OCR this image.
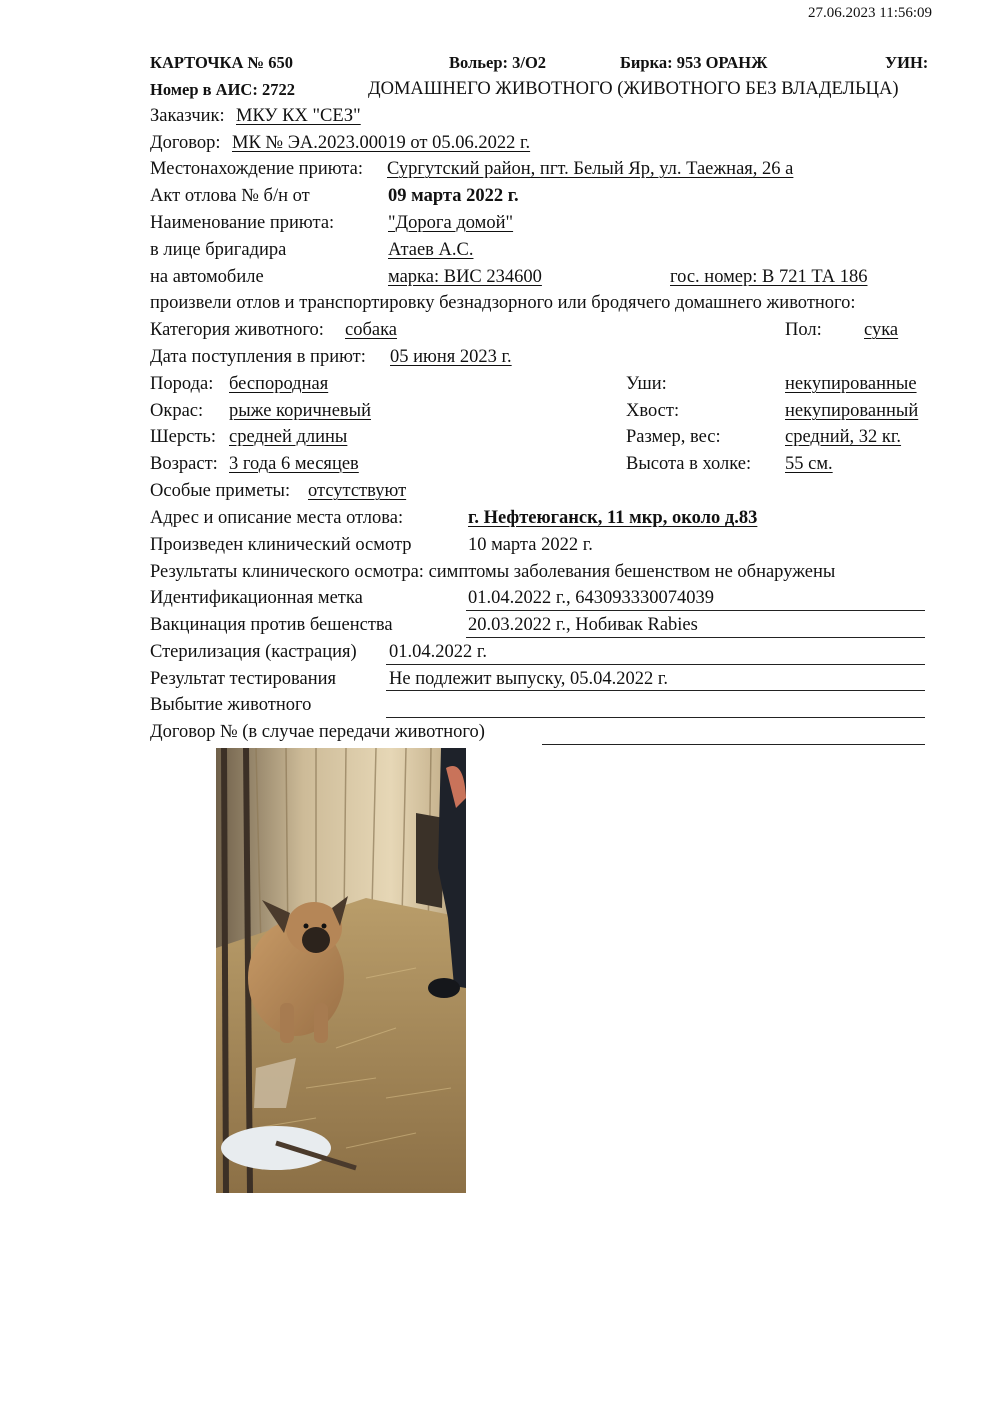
27.06.2023 11:56:09
КАРТОЧКА № 650	Вольер: 3/О2	Бирка: 953 ОРАНЖ	УИН:
Номер в АИС: 2722	ДОМАШНЕГО ЖИВОТНОГО (ЖИВОТНОГО БЕЗ ВЛАДЕЛЬЦА)
Заказчик: МКУ КХ "СЕЗ"
Договор: МК № ЭА.2023.00019 от 05.06.2022 г.
Местонахождение приюта: Сургутский район, пгт. Белый Яр, ул. Таежная, 26 а
Акт отлова № б/н от	09 марта 2022 г.
Наименование приюта:	"Дорога домой"
в лице бригадира	Атаев А.С.
на автомобиле	марка: ВИС 234600	гос. номер: В 721 ТА 186
произвели отлов и транспортировку безнадзорного или бродячего домашнего животного:
Категория животного: собака	Пол: сука
Дата поступления в приют: 05 июня 2023 г.
Порода: беспородная	Уши:	некупированные
Окрас: рыже коричневый	Хвост:	некупированный
Шерсть: средней длины	Размер, вес:	средний, 32 кг.
Возраст: 3 года 6 месяцев	Высота в холке: 55 см.
Особые приметы: отсутствуют
Адрес и описание места отлова:	г. Нефтеюганск, 11 мкр, около д.83
Произведен клинический осмотр	10 марта 2022 г.
Результаты клинического осмотра: симптомы заболевания бешенством не обнаружены
Идентификационная метка	01.04.2022 г., 643093330074039
Вакцинация против бешенства	20.03.2022 г., Нобивак Rabies
Стерилизация (кастрация) 01.04.2022 г.
Результат тестирования	Не подлежит выпуску, 05.04.2022 г.
Выбытие животного
Договор № (в случае передачи животного)
